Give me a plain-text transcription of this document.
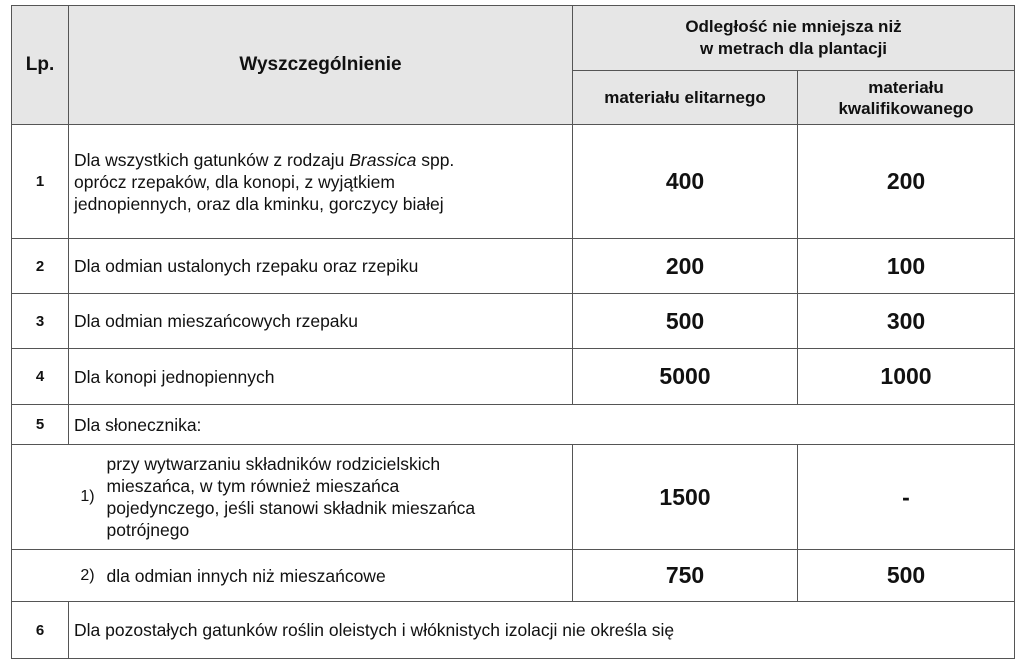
Lp.	Wyszczególnienie	Odległość nie mniejsza niż
w metrach dla plantacji	

		materiału elitarnego	materiału
kwalifikowanego

1	Dla wszystkich gatunków z rodzaju Brassica spp.
oprócz rzepaków, dla konopi, z wyjątkiem
jednopiennych, oraz dla kminku, gorczycy białej	400	200
2	Dla odmian ustalonych rzepaku oraz rzepiku	200	100
3	Dla odmian mieszańcowych rzepaku	500	300
4	Dla konopi jednopiennych	5000	1000
5	Dla słonecznika:		

	1)
przy wytwarzaniu składników rodzicielskich
mieszańca, w tym również mieszańca
pojedynczego, jeśli stanowi składnik mieszańca
potrójnego	1500	-

	2) dla odmian innych niż mieszańcowe	750	500
6	Dla pozostałych gatunków roślin oleistych i włóknistych izolacji nie określa się		
